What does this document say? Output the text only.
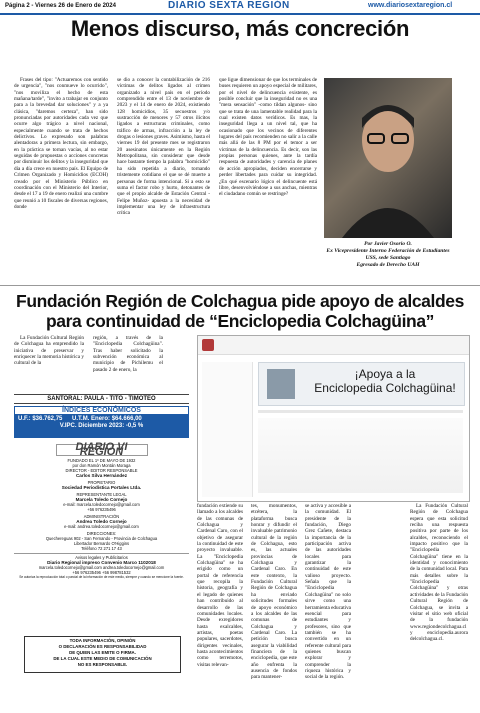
Página 2 - Viernes 26 de Enero de 2024	DIARIO SEXTA REGIÓN	www.diariosextaregion.cl
Menos discurso, más concreción

Frases del tipo: "Actuaremos con sentido de urgencia", "nos conmueve lo ocurrido", "nos moviliza el hecho de esta mañana/tarde", "invito a trabajar en conjunto para a la brevedad dar soluciones" y a ya clásica, "daremos certeza", han sido pronunciadas por autoridades cada vez que ocurre algo trágico a nivel nacional, especialmente cuando se trata de hechos delictivos. Lo expresado son palabras alentadoras a primera lectura, sin embargo, en la práctica se tornan vacías, al no estar seguidas de propuestas o acciones concretas por disminuir los delitos y la inseguridad que día a día crece en nuestro país. El Equipo de Crimen Organizado y Homicidios (ECOH) creado por el Ministerio Público en coordinación con el Ministerio del Interior, desde el 17 a 19 de enero realizó una cumbre que reunió a 10 fiscales de diversas regiones, donde

se dio a conocer la contabilización de 216 víctimas de delitos ligados al crimen organizado a nivel país en el período comprendido entre el 13 de noviembre de 2023 y el 14 de enero de 2024, existiendo 128 homicidios, 35 secuestros y/o sustracción de menores y 57 otros ilícitos ligados a estructuras criminales, como tráfico de armas, infracción a la ley de drogas o lesiones graves. Asimismo, hasta el viernes 19 del presente mes se registraron 20 asesinatos únicamente en la Región Metropolitana, sin considerar que desde hace bastante tiempo la palabra "homicidio" ha sido repetida a diario, tornando tristemente cotidiano el que se dé muerte a personas de forma intencional. Sí a esto se suma el factor robo y hurto, detonantes de que el propio alcalde de Estación Central -Felipe Muñoz- apuesta a la necesidad de implementar una ley de infraestructura crítica

que ligue dimensionar de que los terminales de buses requieren un apoyo especial de militares, por el nivel de delincuencia existente, es posible concluir que la inseguridad no es una "mera sensación" -como tildan algunos- sino que se trata de una lamentable realidad para la cual existen datos verídicos. Es mas, la inseguridad llega a un nivel tal, que ha ocasionado que los vecinos de diferentes lugares del país recomienden no salir a la calle más allá de las 8 PM por el temor a ser víctimas de la delincuencia. Es decir, son las propias personas quienes, ante la tardía respuesta de autoridades y carencia de planes de acción apropiados, deciden encerrarse y perder libertades para cuidar su integridad. ¿En qué escenario lógico el delincuente está libre, desenvolviéndose a sus anchas, mientras el ciudadano común se restringe?

Por Javier Osorio O.
Ex Vicepresidente Interno Federación de Estudiantes
USS, sede Santiago
Egresado de Derecho UAH
Fundación Región de Colchagua pide apoyo de alcaldes
para continuidad de “Enciclopedia Colchagüina”

La Fundación Cultural Región de Colchagua ha emprendido la iniciativa de preservar y enriquecer la memoria histórica y cultural de la

región, a través de la "Enciclopedia Colchagüina". Tras haber solicitado la subvención económica al municipio de Pichilemu el pasado 2 de enero, la	¡Apoya a la
Enciclopedia Colchagüina!
SANTORAL: PAULA - TITO - TIMOTEO
ÍNDICES ECONÓMICOS
U.F.: $36.762,75 U.T.M. Enero: $64.666,00
V.IPC. Diciembre 2023: -0,5 %
DIARIO VI REGIÓN
FUNDADO EL 1º DE MAYO DE 1932
por don Ramón Montán Moraga
DIRECTOR - EDITOR RESPONSABLE
Carlos Silva Hernández
PROPIETARIO
Sociedad Periodística Portales Ltda.
REPRESENTANTE LEGAL
Marcela Toledo Cornejo
e-mail: marcela.toledocornejo@gmail.com
+56 976235496
ADMINISTRACIÓN
Andrea Toledo Cornejo
e-mail: andrea.toledocornejo@gmail.com
DIRECCIONES:
Quechereguas 902 - San Fernando - Provincia de Colchagua
Libertador Bernardo O'Higgins
Teléfono 72 271 17 43
Avisos legales y Publicitarios
Diario Regional impreso Convenio Marco 1102018
marcela.toledocornejo@gmail.com andrea.toledocornejo@gmail.com
+56 976235496 +56 998781532
Se autoriza la reproducción total o parcial de la información de este medio, siempre y cuando se mencione la fuente.
TODA INFORMACIÓN, OPINIÓN
O DECLARACIÓN ES RESPONSABILIDAD
DE QUIEN LAS EMITE O FIRMA.
DE LA CUAL ESTE MEDIO DE COMUNICACIÓN
NO ES RESPONSABLE.

fundación extiende su llamado a los alcaldes de las comunas de Colchagua y Cardenal Caro, con el objetivo de asegurar la continuidad de este proyecto invaluable. La "Enciclopedia Colchagüina" se ha erigido como un portal de referencia que recopila la historia, geografía y el legado de quienes han contribuido al desarrollo de las comunidades locales. Desde exregidores hasta exalcaldes, artistas, poetas populares, sacerdotes, dirigentes vecinales, hasta acontecimientos como terremotos, visitas relevan-

tes, monumentos, etcétera, la plataforma busca honrar y difundir el invaluable patrimonio cultural de la región de Colchagua, esto es, las actuales provincias de Colchagua y Cardenal Caro. En este contexto, la Fundación Cultural Región de Colchagua ha enviado solicitudes formales de apoyo económico a los alcaldes de las comunas de Colchagua y Cardenal Caro. La petición busca asegurar la viabilidad financiera de la enciclopedia, que este año enfrenta la ausencia de fondos para mantener-

se activa y accesible a la comunidad. El presidente de la fundación, Diego Grez Cañete, destaca la importancia de la participación activa de las autoridades locales para garantizar la continuidad de este valioso proyecto. Señala que la "Enciclopedia Colchagüina" no solo sirve como una herramienta educativa esencial para estudiantes y profesores, sino que también se ha convertido en un referente cultural para quienes buscan explorar y comprender la riqueza histórica y social de la región.

La Fundación Cultural Región de Colchagua espera que esta solicitud reciba una respuesta positiva por parte de los alcaldes, reconociendo el impacto positivo que la "Enciclopedia Colchagüina" tiene en la identidad y conocimiento de la comunidad local. Para más detalles sobre la "Enciclopedia Colchagüina" y otras actividades de la Fundación Cultural Región de Colchagua, se invita a visitar el sitio web oficial de la fundación www.regiondecolchagua.cl y enciclopedia.aurora delcolchagua.cl.
